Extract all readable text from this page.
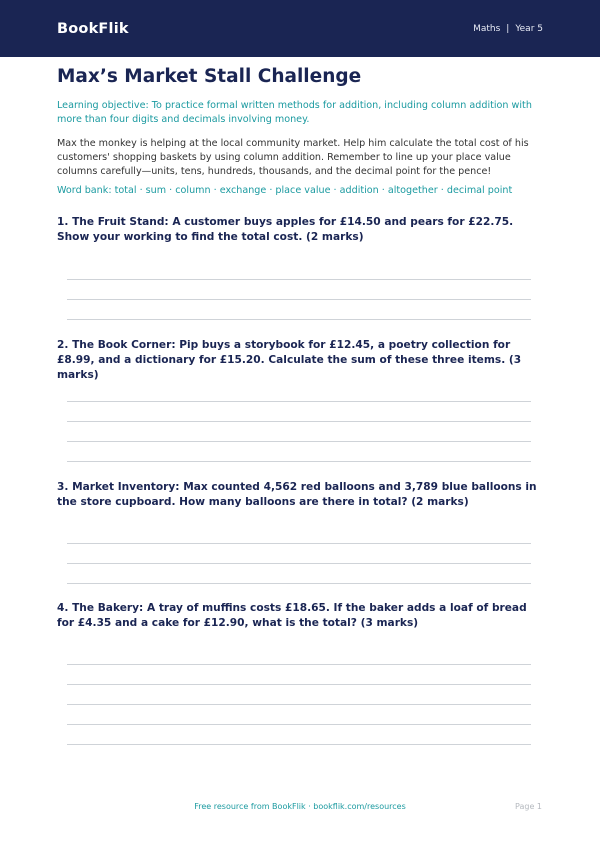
BookFlik	Maths | Year 5
Max’s Market Stall Challenge
Learning objective: To practice formal written methods for addition, including column addition with more than four digits and decimals involving money.
Max the monkey is helping at the local community market. Help him calculate the total cost of his customers' shopping baskets by using column addition. Remember to line up your place value columns carefully—units, tens, hundreds, thousands, and the decimal point for the pence!
Word bank: total · sum · column · exchange · place value · addition · altogether · decimal point
1. The Fruit Stand: A customer buys apples for £14.50 and pears for £22.75. Show your working to find the total cost. (2 marks)
2. The Book Corner: Pip buys a storybook for £12.45, a poetry collection for £8.99, and a dictionary for £15.20. Calculate the sum of these three items. (3 marks)
3. Market Inventory: Max counted 4,562 red balloons and 3,789 blue balloons in the store cupboard. How many balloons are there in total? (2 marks)
4. The Bakery: A tray of muffins costs £18.65. If the baker adds a loaf of bread for £4.35 and a cake for £12.90, what is the total? (3 marks)
Free resource from BookFlik · bookflik.com/resources	Page 1
